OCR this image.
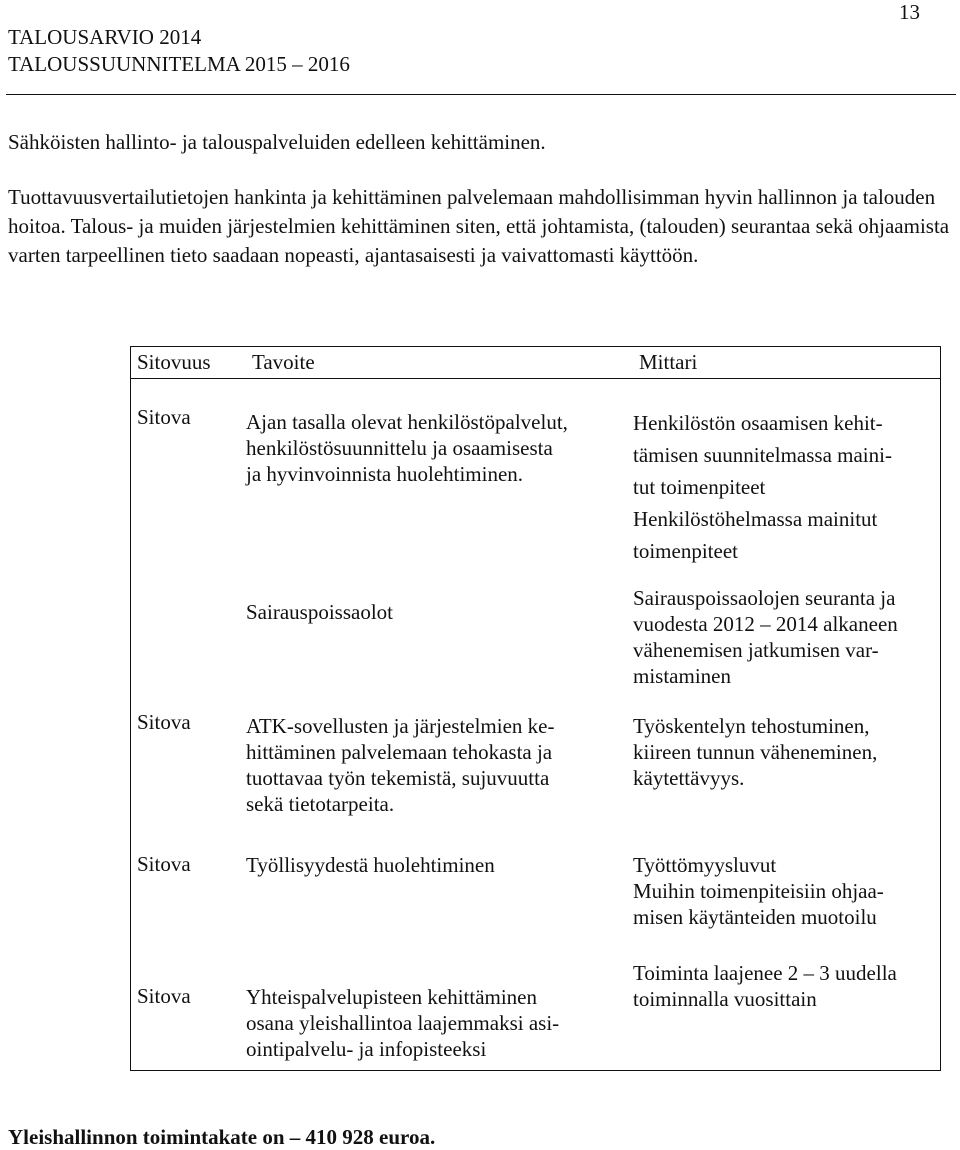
13
TALOUSARVIO 2014
TALOUSSUUNNITELMA 2015 – 2016
Sähköisten hallinto- ja talouspalveluiden edelleen kehittäminen.
Tuottavuusvertailutietojen hankinta ja kehittäminen palvelemaan mahdollisimman hyvin hallinnon ja talouden hoitoa. Talous- ja muiden järjestelmien kehittäminen siten, että johtamista, (talouden) seurantaa sekä ohjaamista varten tarpeellinen tieto saadaan nopeasti, ajantasaisesti ja vaivattomasti käyttöön.
Sitovuus	Tavoite	Mittari
Sitova	Ajan tasalla olevat henkilöstöpalvelut,
henkilöstösuunnittelu ja osaamisesta
ja hyvinvoinnista huolehtiminen.	Henkilöstön osaamisen kehit-
tämisen suunnitelmassa maini-
tut toimenpiteet
Henkilöstöhelmassa mainitut
toimenpiteet

	Sairauspoissaolot	Sairauspoissaolojen seuranta ja
vuodesta 2012 – 2014 alkaneen
vähenemisen jatkumisen var-
mistaminen

Sitova	ATK-sovellusten ja järjestelmien ke-
hittäminen palvelemaan tehokasta ja
tuottavaa työn tekemistä, sujuvuutta
sekä tietotarpeita.	Työskentelyn tehostuminen,
kiireen tunnun väheneminen,
käytettävyys.

Sitova	Työllisyydestä huolehtiminen	Työttömyysluvut
Muihin toimenpiteisiin ohjaa-
misen käytänteiden muotoilu

Sitova	Yhteispalvelupisteen kehittäminen
osana yleishallintoa laajemmaksi asi-
ointipalvelu- ja infopisteeksi	Toiminta laajenee 2 – 3 uudella
toiminnalla vuosittain
Yleishallinnon toimintakate on – 410 928 euroa.
